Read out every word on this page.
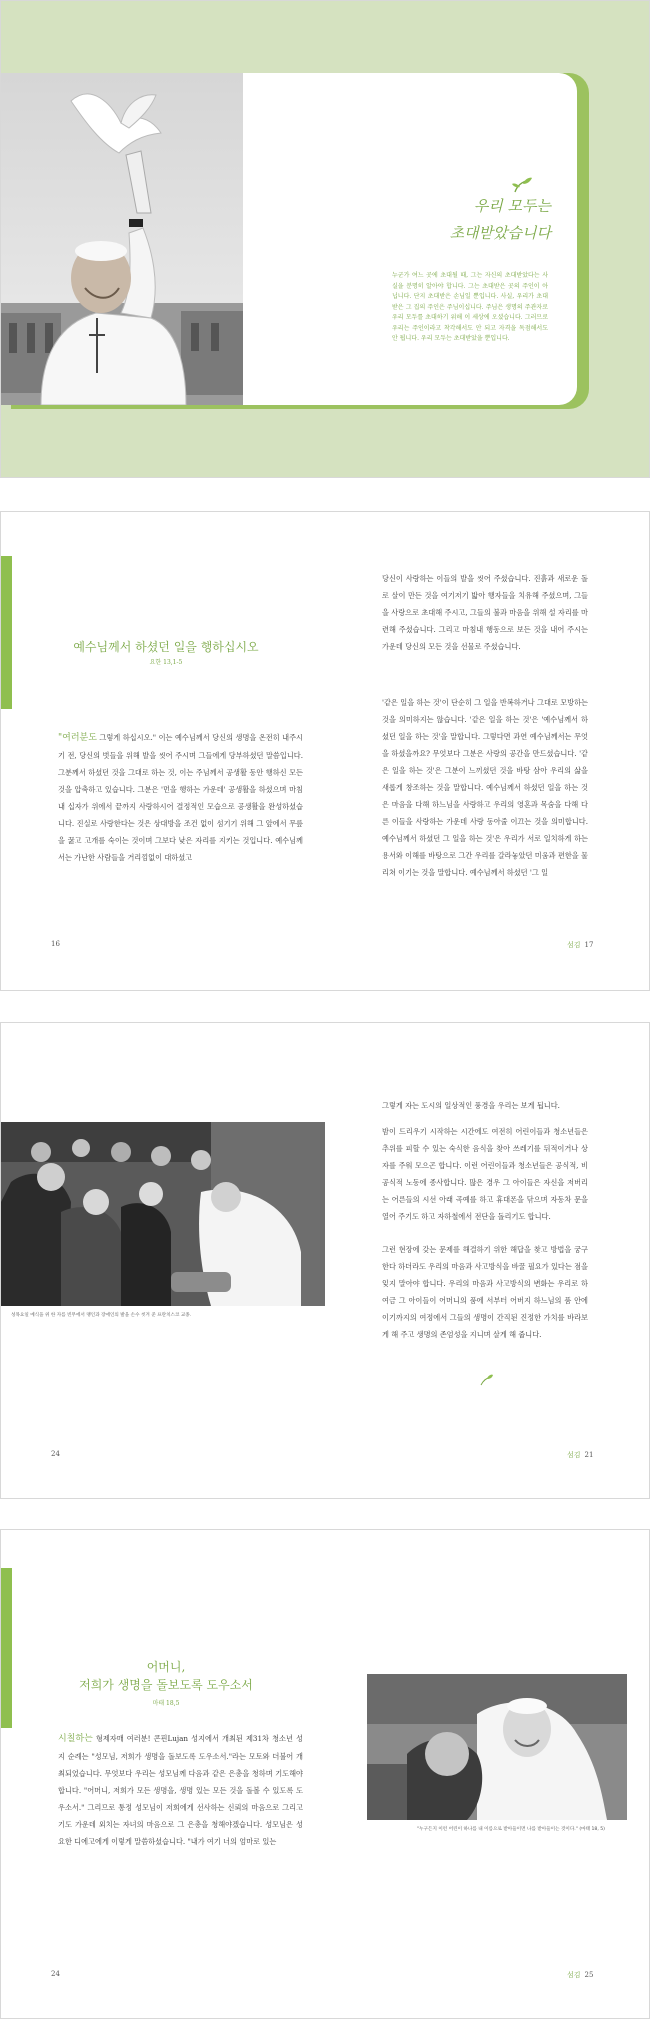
우리 모두는
초대받았습니다
누군가 여느 곳에 초대될 때, 그는 자신의 초대받았다는 사실을 분명히 알아야 합니다. 그는 초대받은 곳의 주인이 아닙니다. 단지 초대받은 손님일 뿐입니다. 사실, 우리가 초대받은 그 집의 주인은 주님이십니다. 주님은 생명의 주관자로 우리 모두를 초대하기 위해 이 세상에 오셨습니다. 그러므로 우리는 주인이라고 착각해서도 안 되고 자격을 독점해서도 안 됩니다. 우리 모두는 초대받았을 뿐입니다.
예수님께서 하셨던 일을 행하십시오
요한 13,1-5
"여러분도 그렇게 하십시오." 이는 예수님께서 당신의 생명을 온전히 내주시기 전, 당신의 벗들을 위해 발을 씻어 주시며 그들에게 당부하셨던 말씀입니다. 그분께서 하셨던 것을 그대로 하는 것, 이는 주님께서 공생활 동안 행하신 모든 것을 압축하고 있습니다. 그분은 '먼을 행하는 가운데' 공생활을 하셨으며 마침내 십자가 위에서 끝까지 사랑하시어 결정적인 모습으로 공생활을 완성하셨습니다. 진실로 사랑한다는 것은 상대방을 조건 없이 섬기기 위해 그 앞에서 무릎을 꿇고 고개를 숙이는 것이며 그보다 낮은 자리를 지키는 것입니다. 예수님께서는 가난한 사람들을 거리낌없이 대하셨고
당신이 사랑하는 이들의 발을 씻어 주셨습니다. 진흙과 새로운 돌로 살이 만든 것을 여기저기 밟아 행자들을 치유해 주셨으며, 그들을 사랑으로 초대해 주시고, 그들의 불과 마음을 위해 설 자리를 마련해 주셨습니다. 그리고 마침내 행동으로 보든 것을 내어 주시는 가운데 당신의 모든 것을 선물로 주셨습니다.
'같은 일을 하는 것'이 단순히 그 일을 반복하거나 그대로 모방하는 것을 의미하지는 않습니다. '같은 일을 하는 것'은 '예수님께서 하셨던 일을 하는 것'을 말합니다. 그렇다면 과연 예수님께서는 무엇을 하셨을까요? 무엇보다 그분은 사랑의 공간을 만드셨습니다. '같은 일을 하는 것'은 그분이 느끼셨던 것을 바탕 삼아 우리의 삶을 새롭게 창조하는 것을 말합니다. 예수님께서 하셨던 일을 하는 것은 마음을 다해 하느님을 사랑하고 우리의 영혼과 목숨을 다해 다른 이들을 사랑하는 가운데 사랑 동아줄 이끄는 것을 의미합니다. 예수님께서 하셨던 그 일을 하는 것'은 우리가 서로 일치하게 하는 용서와 이해를 바탕으로 그간 우리를 갈라놓았던 미움과 편한을 물리쳐 이기는 것을 말합니다. 예수님께서 하셨던 '그 일
16	섬김 17
성목요일 예식을 위 한 자를 빈무에서 맹인과 장애인의 발을 손수 씻겨 준 프란치스코 교종.
그렇게 자는 도시의 일상적인 풍경을 우리는 보게 됩니다.
밤이 드리우기 시작하는 시간에도 여전히 어린이들과 청소년들은 추위를 피할 수 있는 숙식한 음식을 찾아 쓰레기를 뒤적이거나 상자를 주워 모으곤 합니다. 이런 어린이들과 청소년들은 공식적, 비공식적 노동에 종사합니다. 많은 경우 그 아이들은 자신을 저버리는 어른들의 시선 아래 곡예를 하고 휴대폰을 닦으며 자동차 문을 열어 주기도 하고 자하철에서 전단을 돌리기도 합니다.
그런 현장에 갖는 문제를 해결하기 위한 해답을 찾고 방법을 궁구한다 하더라도 우리의 마음과 사고방식을 바꿀 필요가 있다는 점을 잊지 말아야 합니다. 우리의 마음과 사고방식의 변화는 우리로 하여금 그 아이들이 어머니의 품에 서부터 어버지 하느님의 품 안에 이기까지의 여정에서 그들의 생명이 간직된 진정한 가치를 바라보게 해 주고 생명의 존엄성을 지니며 살게 해 줍니다.
24	섬김 21
어머니,
저희가 생명을 돌보도록 도우소서
마태 18,5
시칠하는 형제자매 여러분! 콘핀Lujan 성지에서 개최된 제31차 청소년 성지 순례는 "성모님, 저희가 생명을 돌보도록 도우소서."라는 모토와 더불어 개최되었습니다. 무엇보다 우리는 성모님께 다음과 같은 은총을 청하며 기도해야 합니다. "어머니, 저희가 모든 생명을, 생명 있는 모든 것을 돌볼 수 있도록 도우소서." 그리므로 통정 성모님이 저희에게 선사하는 신뢰의 마음으로 그리고 기도 가운데 외치는 자녀의 마음으로 그 은총을 청해야겠습니다. 성모님은 성 요한 디에고에게 이렇게 말씀하셨습니다. "내가 여기 너의 엄마로 있는
"누구든지 이런 어린이 하나를 내 이름으로 받아들이면 나를 받아들이는 것이다." (마태 18, 5)
24	섬김 25
